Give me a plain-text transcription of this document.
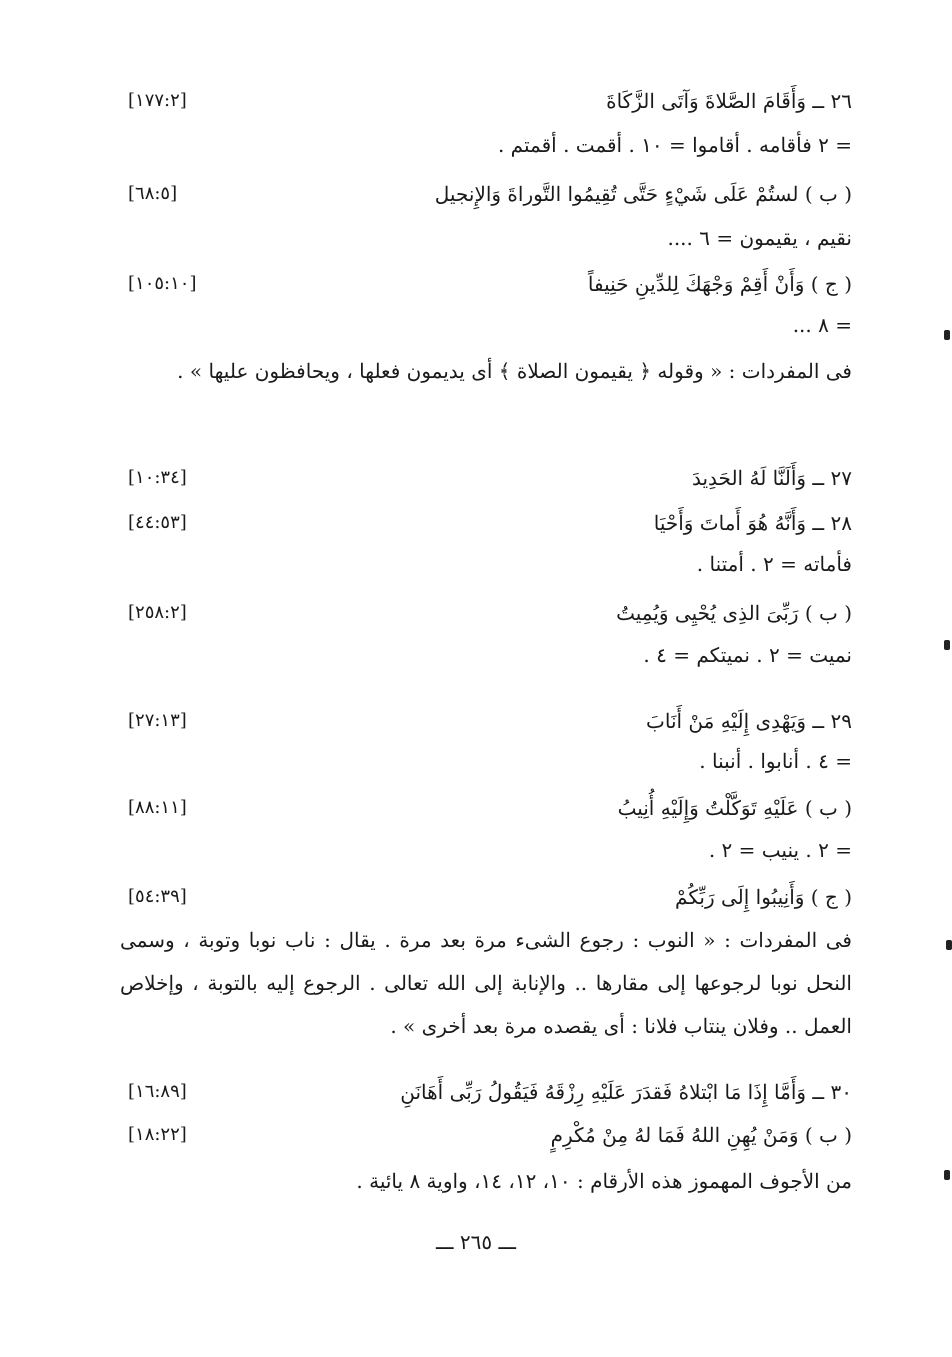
٢٦ ــ وَأَقَامَ الصَّلاةَ وَآتَى الزَّكَاةَ
[١٧٧:٢]
= ٢ فأقامه . أقاموا = ١٠ . أقمت . أقمتم .
( ب ) لستُمْ عَلَى شَيْءٍ حَتَّى تُقِيمُوا التَّوراةَ وَالإِنجيل
[٦٨:٥]
نقيم ، يقيمون = ٦ ....
( ج ) وَأَنْ أَقِمْ وَجْهَكَ لِلدِّينِ حَنِيفاً
[١٠٥:١٠]
= ٨ ...
فى المفردات : « وقوله ﴿ يقيمون الصلاة ﴾ أى يديمون فعلها ، ويحافظون عليها » .
٢٧ ــ وَأَلَنَّا لَهُ الحَدِيدَ
[١٠:٣٤]
٢٨ ــ وَأَنَّهُ هُوَ أَماتَ وَأَحْيَا
[٤٤:٥٣]
فأماته = ٢ . أمتنا .
( ب ) رَبِّىَ الذِى يُحْيِى وَيُمِيتُ
[٢٥٨:٢]
نميت = ٢ . نميتكم = ٤ .
٢٩ ــ وَيَهْدِى إِلَيْهِ مَنْ أَنَابَ
[٢٧:١٣]
= ٤ . أنابوا . أنبنا .
( ب ) عَلَيْهِ تَوَكَّلْتُ وَإِلَيْهِ أُنِيبُ
[٨٨:١١]
= ٢ . ينيب = ٢ .
( ج ) وَأَنِيبُوا إِلَى رَبِّكُمْ
[٥٤:٣٩]
فى المفردات : « النوب : رجوع الشىء مرة بعد مرة . يقال : ناب نوبا وتوبة ، وسمى النحل نوبا لرجوعها إلى مقارها .. والإنابة إلى الله تعالى . الرجوع إليه بالتوبة ، وإخلاص العمل .. وفلان ينتاب فلانا : أى يقصده مرة بعد أخرى » .
٣٠ ــ وَأَمَّا إِذَا مَا ابْتلاهُ فَقدَرَ عَلَيْهِ رِزْقَهُ فَيَقُولُ رَبِّى أَهَانَنِ
[١٦:٨٩]
( ب ) وَمَنْ يُهِنِ اللهُ فَمَا لهُ مِنْ مُكْرِمٍ
[١٨:٢٢]
من الأجوف المهموز هذه الأرقام : ١٠، ١٢، ١٤، واوية ٨ يائية .
ـــ ٢٦٥ ـــ
